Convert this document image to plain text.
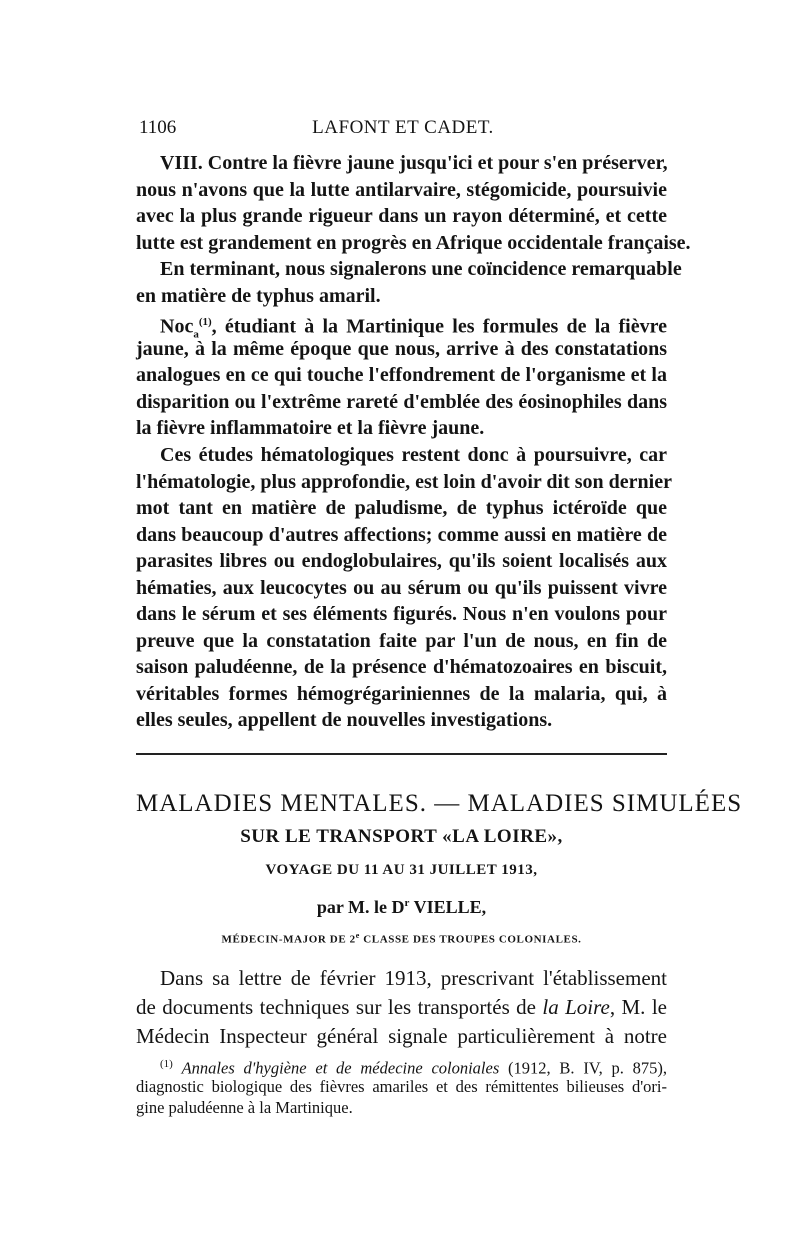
1106	LAFONT ET CADET.
VIII. Contre la fièvre jaune jusqu'ici et pour s'en préserver,
nous n'avons que la lutte antilarvaire, stégomicide, poursuivie
avec la plus grande rigueur dans un rayon déterminé, et cette
lutte est grandement en progrès en Afrique occidentale française.
En terminant, nous signalerons une coïncidence remarquable
en matière de typhus amaril.
Noc$_a^{(1)}$, étudiant à la Martinique les formules de la fièvre
jaune, à la même époque que nous, arrive à des constatations
analogues en ce qui touche l'effondrement de l'organisme et la
disparition ou l'extrême rareté d'emblée des éosinophiles dans
la fièvre inflammatoire et la fièvre jaune.
Ces études hématologiques restent donc à poursuivre, car
l'hématologie, plus approfondie, est loin d'avoir dit son dernier
mot tant en matière de paludisme, de typhus ictéroïde que
dans beaucoup d'autres affections; comme aussi en matière de
parasites libres ou endoglobulaires, qu'ils soient localisés aux
hématies, aux leucocytes ou au sérum ou qu'ils puissent vivre
dans le sérum et ses éléments figurés. Nous n'en voulons pour
preuve que la constatation faite par l'un de nous, en fin de
saison paludéenne, de la présence d'hématozoaires en biscuit,
véritables formes hémogrégariniennes de la malaria, qui, à
elles seules, appellent de nouvelles investigations.
MALADIES MENTALES. — MALADIES SIMULÉES
SUR LE TRANSPORT «LA LOIRE»,
VOYAGE DU 11 AU 31 JUILLET 1913,
par M. le $D^r$ VIELLE,
MÉDECIN-MAJOR DE 2e CLASSE DES TROUPES COLONIALES.
Dans sa lettre de février 1913, prescrivant l'établissement
de documents techniques sur les transportés de la Loire, M. le
Médecin Inspecteur général signale particulièrement à notre
$^{(1)}$ Annales d'hygiène et de médecine coloniales (1912, B. IV, p. 875),
diagnostic biologique des fièvres amariles et des rémittentes bilieuses d'ori-
gine paludéenne à la Martinique.
